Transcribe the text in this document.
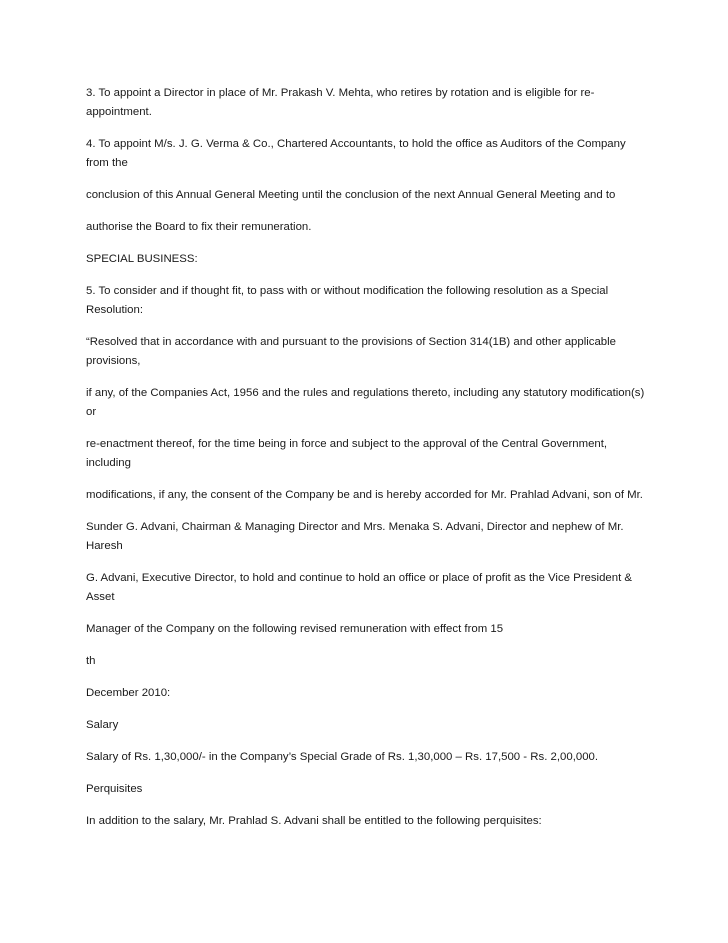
3. To appoint a Director in place of Mr. Prakash V. Mehta, who retires by rotation and is eligible for re-appointment.

4. To appoint M/s. J. G. Verma & Co., Chartered Accountants, to hold the office as Auditors of the Company from the

conclusion of this Annual General Meeting until the conclusion of the next Annual General Meeting and to

authorise the Board to fix their remuneration.

SPECIAL BUSINESS:

5. To consider and if thought fit, to pass with or without modification the following resolution as a Special Resolution:

“Resolved that in accordance with and pursuant to the provisions of Section 314(1B) and other applicable provisions,

if any, of the Companies Act, 1956 and the rules and regulations thereto, including any statutory modification(s) or

re-enactment thereof, for the time being in force and subject to the approval of the Central Government, including

modifications, if any, the consent of the Company be and is hereby accorded for Mr. Prahlad Advani, son of Mr.

Sunder G. Advani, Chairman & Managing Director and Mrs. Menaka S. Advani, Director and nephew of Mr. Haresh

G. Advani, Executive Director, to hold and continue to hold an office or place of profit as the Vice President & Asset

Manager of the Company on the following revised remuneration with effect from 15

th

December 2010:

Salary

Salary of Rs. 1,30,000/- in the Company’s Special Grade of Rs. 1,30,000 – Rs. 17,500 - Rs. 2,00,000.

Perquisites

In addition to the salary, Mr. Prahlad S. Advani shall be entitled to the following perquisites:
